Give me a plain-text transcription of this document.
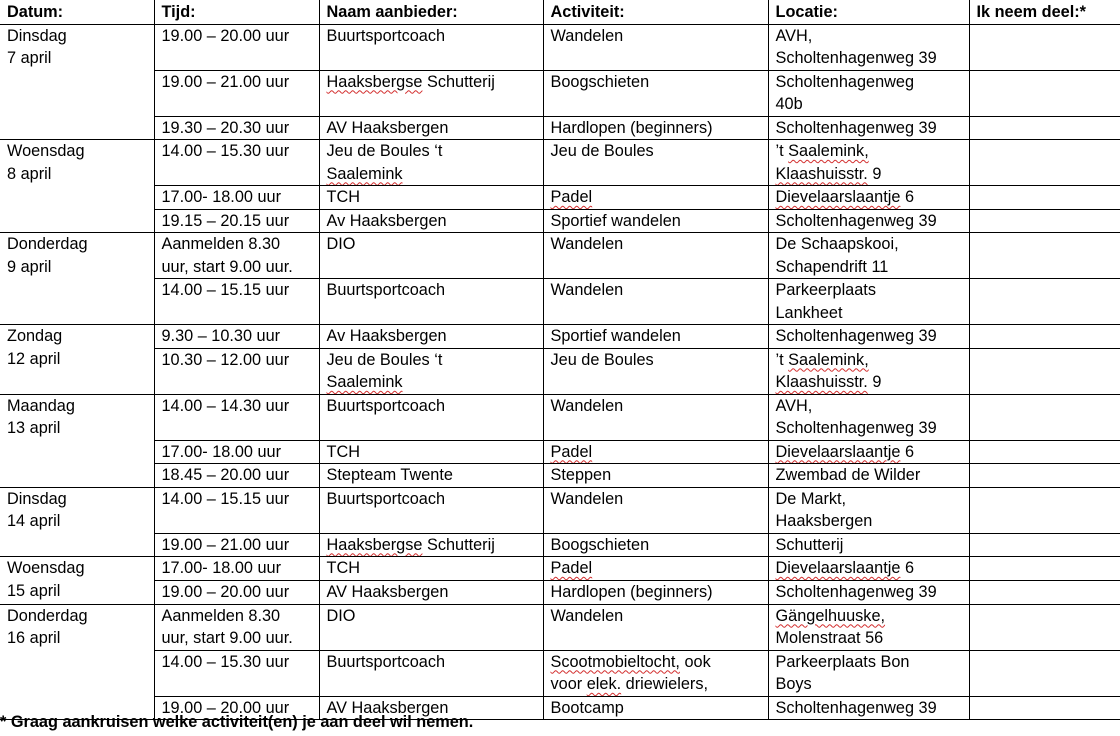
Datum:	Tijd:	Naam aanbieder:	Activiteit:	Locatie:	Ik neem deel:*

Dinsdag
7 april	19.00 – 20.00 uur	Buurtsportcoach	Wandelen	AVH,
Scholtenhagenweg 39	

	19.00 – 21.00 uur	Haaksbergse Schutterij	Boogschieten	Scholtenhagenweg
40b	

	19.30 – 20.30 uur	AV Haaksbergen	Hardlopen (beginners)	Scholtenhagenweg 39	

Woensdag
8 april	14.00 – 15.30 uur	Jeu de Boules ‘t
Saalemink	Jeu de Boules	’t Saalemink,
Klaashuisstr. 9	

	17.00- 18.00 uur	TCH	Padel	Dievelaarslaantje 6	

	19.15 – 20.15 uur	Av Haaksbergen	Sportief wandelen	Scholtenhagenweg 39	

Donderdag
9 april	Aanmelden 8.30
uur, start 9.00 uur.	DIO	Wandelen	De Schaapskooi,
Schapendrift 11	

	14.00 – 15.15 uur	Buurtsportcoach	Wandelen	Parkeerplaats
Lankheet	

Zondag
12 april	9.30 – 10.30 uur	Av Haaksbergen	Sportief wandelen	Scholtenhagenweg 39	

	10.30 – 12.00 uur	Jeu de Boules ‘t
Saalemink	Jeu de Boules	’t Saalemink,
Klaashuisstr. 9	

Maandag
13 april	14.00 – 14.30 uur	Buurtsportcoach	Wandelen	AVH,
Scholtenhagenweg 39	

	17.00- 18.00 uur	TCH	Padel	Dievelaarslaantje 6	

	18.45 – 20.00 uur	Stepteam Twente	Steppen	Zwembad de Wilder	

Dinsdag
14 april	14.00 – 15.15 uur	Buurtsportcoach	Wandelen	De Markt,
Haaksbergen	

	19.00 – 21.00 uur	Haaksbergse Schutterij	Boogschieten	Schutterij	

Woensdag
15 april	17.00- 18.00 uur	TCH	Padel	Dievelaarslaantje 6	

	19.00 – 20.00 uur	AV Haaksbergen	Hardlopen (beginners)	Scholtenhagenweg 39	

Donderdag
16 april	Aanmelden 8.30
uur, start 9.00 uur.	DIO	Wandelen	Gängelhuuske,
Molenstraat 56	

	14.00 – 15.30 uur	Buurtsportcoach	Scootmobieltocht, ook
voor elek. driewielers,	Parkeerplaats Bon
Boys	

	19.00 – 20.00 uur	AV Haaksbergen	Bootcamp	Scholtenhagenweg 39	

* Graag aankruisen welke activiteit(en) je aan deel wil nemen.
